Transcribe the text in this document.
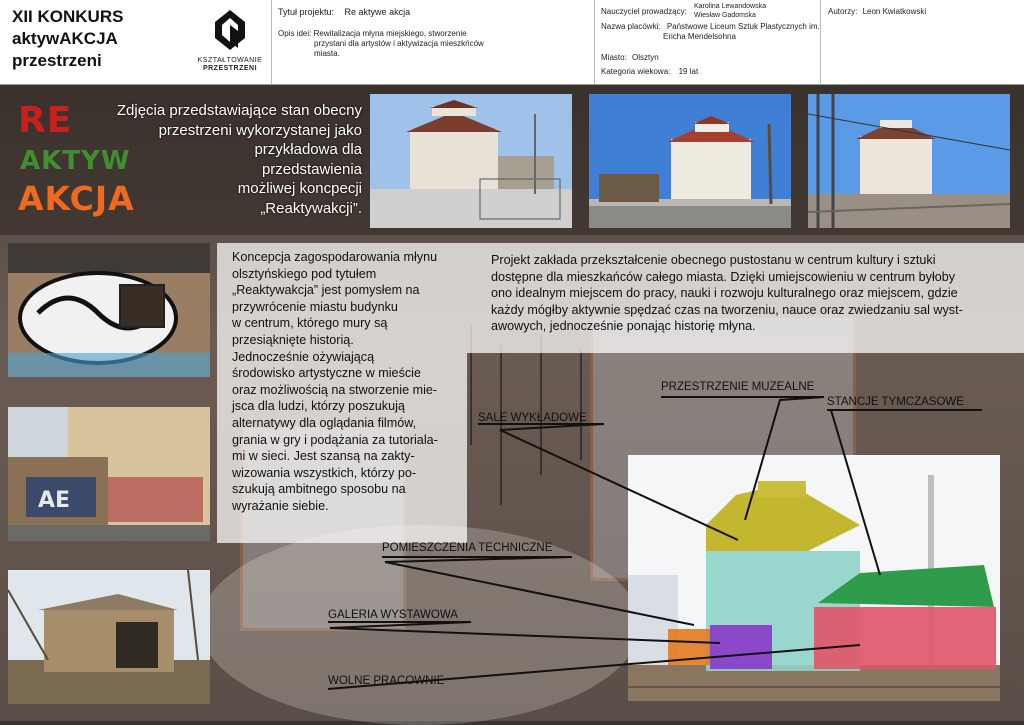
XII KONKURS
aktywAKCJA
przestrzeni	KSZTAŁTOWANIE
PRZESTRZENI
Tytuł projektu: Re aktywe akcja
Opis idei: Rewitalizacja młyna miejskiego, stworzenie
przystani dla artystów i aktywizacja mieszkńców
miasta.
Nauczyciel prowadzący:
Karolina Lewandowska
Wiesław Gadomska
Nazwa placówki: Państwowe Liceum Sztuk Plastycznych im.
Ericha Mendelsohna
Miasto: Olsztyn
Kategoria wiekowa: 19 lat
Autorzy: Leon Kwiatkowski
RE
AKTYW
AKCJA
Zdjęcia przedstawiające stan obecny
przestrzeni wykorzystanej jako
przykładowa dla
przedstawienia
możliwej koncpecji
„Reaktywakcji”.
AE
Koncepcja zagospodarowania młynu
olsztyńskiego pod tytułem
„Reaktywakcja” jest pomysłem na
przywrócenie miastu budynku
w centrum, którego mury są
przesiąknięte historią.
Jednocześnie ożywiającą
środowisko artystyczne w mieście
oraz możliwością na stworzenie mie-
jsca dla ludzi, którzy poszukują
alternatywy dla oglądania filmów,
grania w gry i podążania za tutoriala-
mi w sieci. Jest szansą na zakty-
wizowania wszystkich, którzy po-
szukują ambitnego sposobu na
wyrażanie siebie.
Projekt zakłada przekształcenie obecnego pustostanu w centrum kultury i sztuki
dostępne dla mieszkańców całego miasta. Dzięki umiejscowieniu w centrum byłoby
ono idealnym miejscem do pracy, nauki i rozwoju kulturalnego oraz miejscem, gdzie
każdy mógłby aktywnie spędzać czas na tworzeniu, nauce oraz zwiedzaniu sal wyst-
awowych, jednocześnie ponając historię młyna.
PRZESTRZENIE MUZEALNE
STANCJE TYMCZASOWE
SALE WYKŁADOWE
POMIESZCZENIA TECHNICZNE
GALERIA WYSTAWOWA
WOLNE PRACOWNIE
